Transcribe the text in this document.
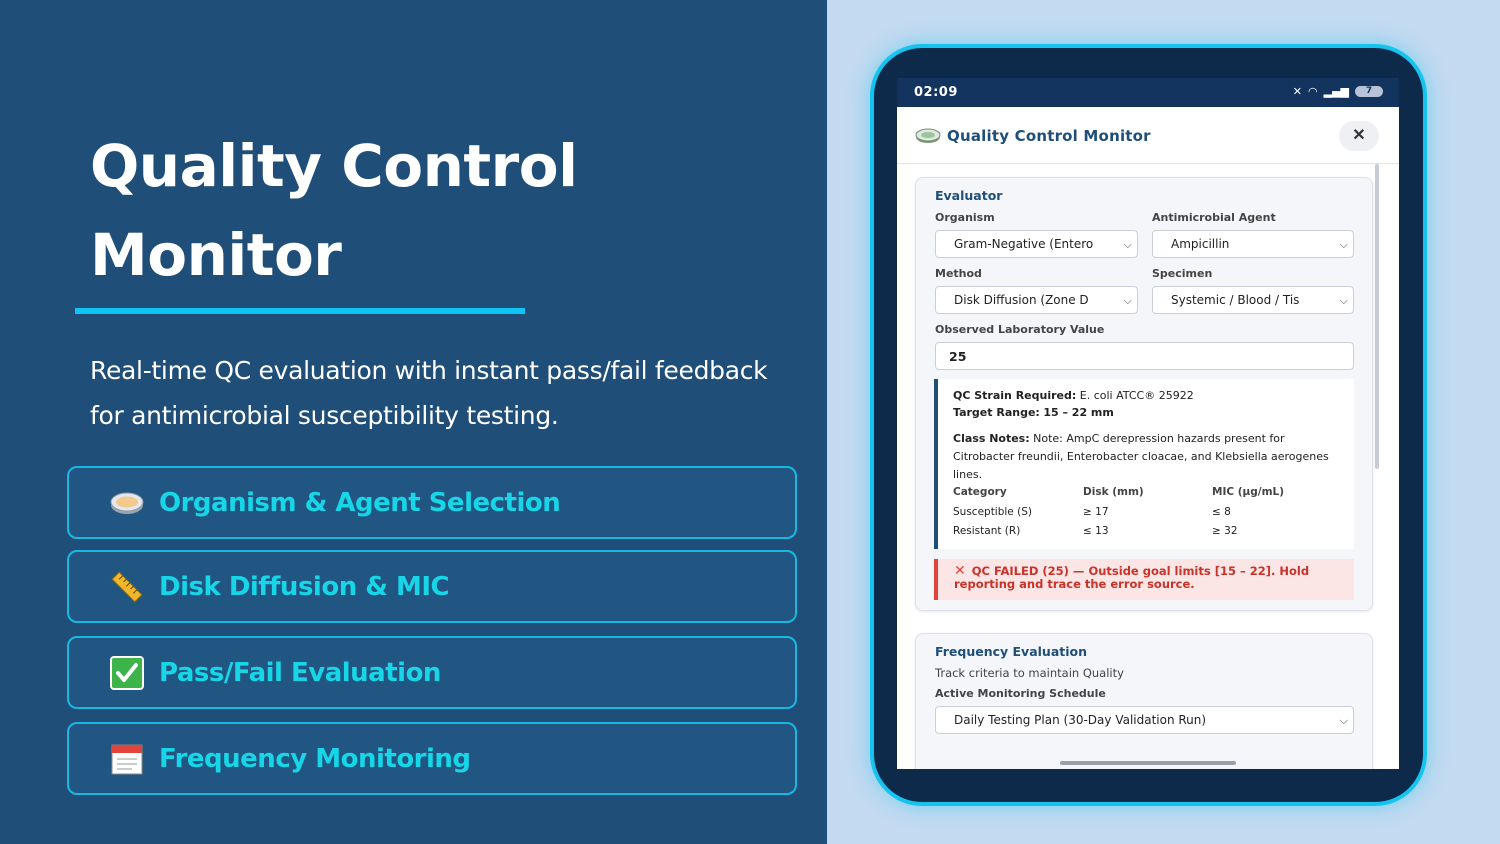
Quality Control Monitor
Real-time QC evaluation with instant pass/fail feedback for antimicrobial susceptibility testing.
Organism & Agent Selection
Disk Diffusion & MIC
Pass/Fail Evaluation
Frequency Monitoring
02:09	✕ ◠ ▂▄▆	7
Quality Control Monitor	✕
Evaluator
Organism	Antimicrobial Agent
Gram-Negative (Entero	⌵	Ampicillin	⌵
Method	Specimen
Disk Diffusion (Zone D	⌵	Systemic / Blood / Tis	⌵
Observed Laboratory Value
25
QC Strain Required: E. coli ATCC® 25922
Target Range: 15 – 22 mm
Class Notes: Note: AmpC derepression hazards present for Citrobacter freundii, Enterobacter cloacae, and Klebsiella aerogenes lines.
Category	Disk (mm)	MIC (µg/mL)
Susceptible (S)	≥ 17	≤ 8
Resistant (R)	≤ 13	≥ 32
✕ QC FAILED (25) — Outside goal limits [15 – 22]. Hold reporting and trace the error source.
Frequency Evaluation
Track criteria to maintain Quality
Active Monitoring Schedule
Daily Testing Plan (30-Day Validation Run)	⌵
